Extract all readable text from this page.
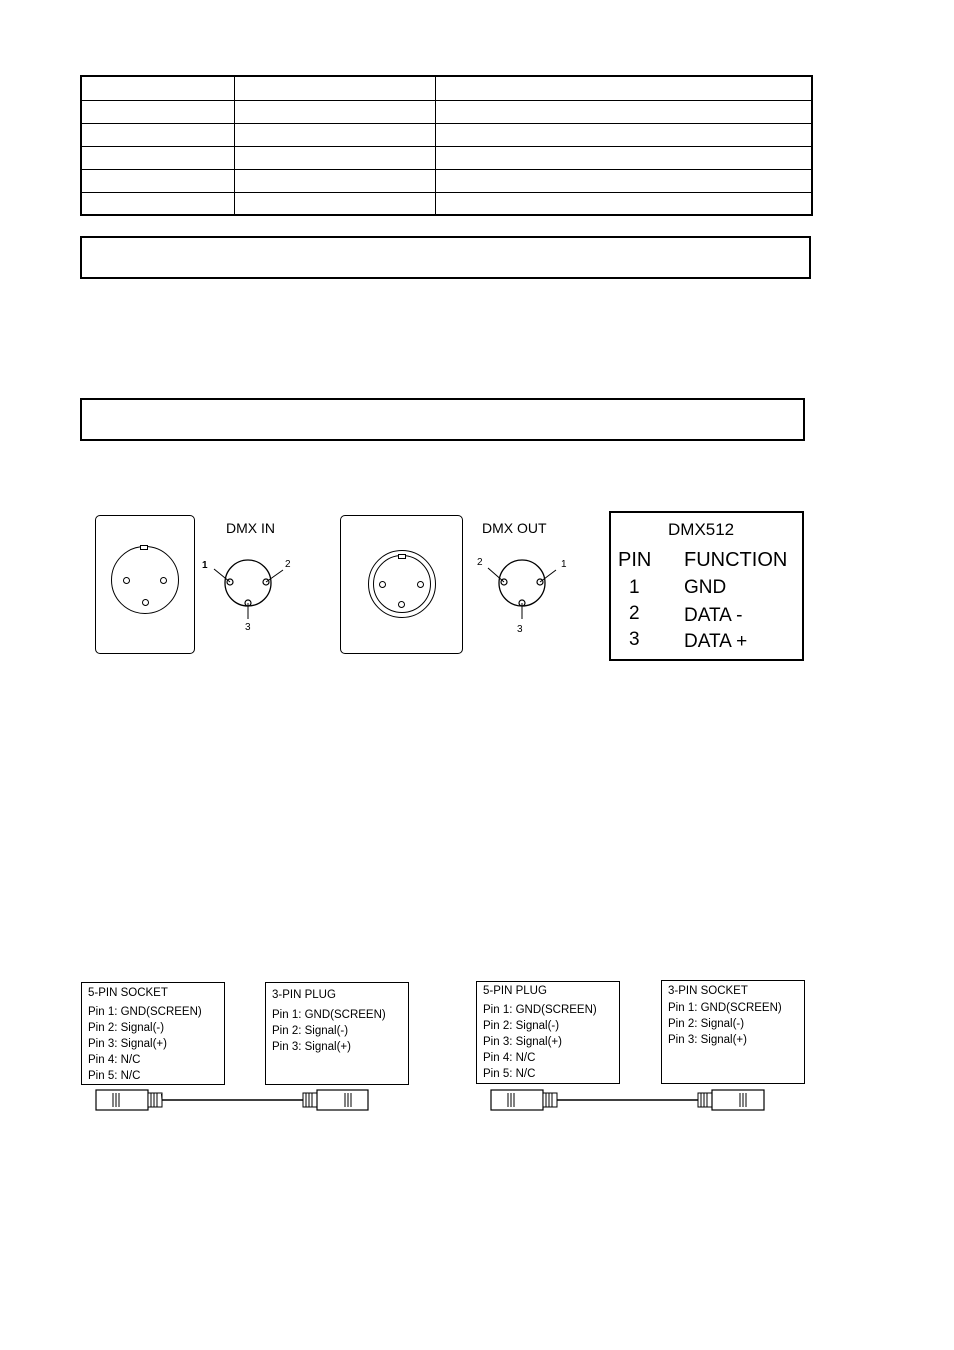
DMX IN
1	2
3
DMX OUT
2	1
3
DMX512
PIN FUNCTION
1 GND
2 DATA -
3 DATA +
5-PIN SOCKET
Pin 1: GND(SCREEN)
Pin 2: Signal(-)
Pin 3: Signal(+)
Pin 4: N/C
Pin 5: N/C
3-PIN PLUG
Pin 1: GND(SCREEN)
Pin 2: Signal(-)
Pin 3: Signal(+)
5-PIN PLUG
Pin 1: GND(SCREEN)
Pin 2: Signal(-)
Pin 3: Signal(+)
Pin 4: N/C
Pin 5: N/C
3-PIN SOCKET
Pin 1: GND(SCREEN)
Pin 2: Signal(-)
Pin 3: Signal(+)
